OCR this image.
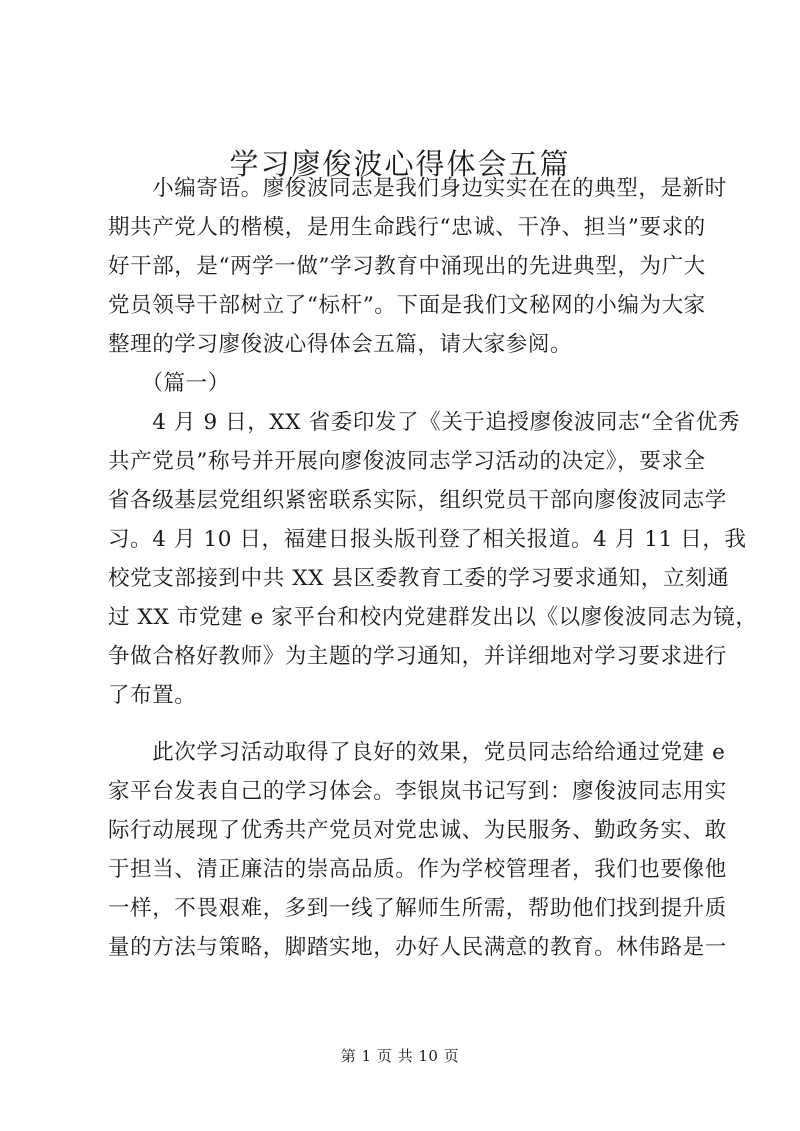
学习廖俊波心得体会五篇
　　小编寄语。廖俊波同志是我们身边实实在在的典型，是新时
期共产党人的楷模，是用生命践行“忠诚、干净、担当”要求的
好干部，是“两学一做”学习教育中涌现出的先进典型，为广大
党员领导干部树立了“标杆”。下面是我们文秘网的小编为大家
整理的学习廖俊波心得体会五篇，请大家参阅。
　　（篇一）
　　4 月 9 日，XX 省委印发了《关于追授廖俊波同志“全省优秀
共产党员”称号并开展向廖俊波同志学习活动的决定》，要求全
省各级基层党组织紧密联系实际，组织党员干部向廖俊波同志学
习。4 月 10 日，福建日报头版刊登了相关报道。4 月 11 日，我
校党支部接到中共 XX 县区委教育工委的学习要求通知，立刻通
过 XX 市党建 e 家平台和校内党建群发出以《以廖俊波同志为镜，
争做合格好教师》为主题的学习通知，并详细地对学习要求进行
了布置。
　　此次学习活动取得了良好的效果，党员同志给给通过党建 e
家平台发表自己的学习体会。李银岚书记写到：廖俊波同志用实
际行动展现了优秀共产党员对党忠诚、为民服务、勤政务实、敢
于担当、清正廉洁的崇高品质。作为学校管理者，我们也要像他
一样，不畏艰难，多到一线了解师生所需，帮助他们找到提升质
量的方法与策略，脚踏实地，办好人民满意的教育。林伟路是一
第 1 页 共 10 页
